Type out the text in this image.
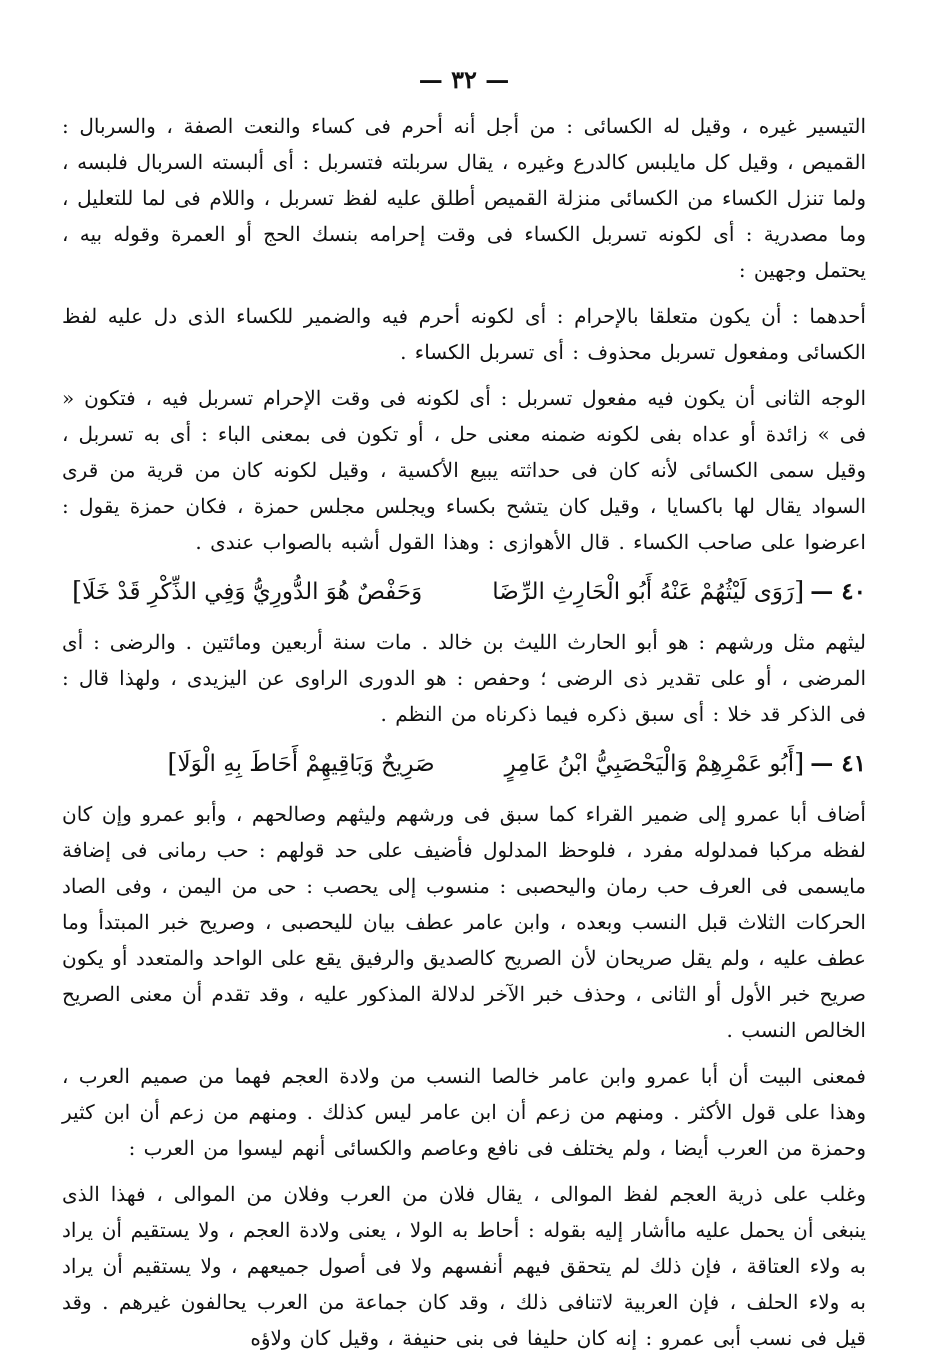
— ٣٢ —

التيسير غيره ، وقيل له الكسائى : من أجل أنه أحرم فى كساء والنعت الصفة ، والسربال : القميص ، وقيل كل مايلبس كالدرع وغيره ، يقال سربلته فتسربل : أى ألبسته السربال فلبسه ، ولما تنزل الكساء من الكسائى منزلة القميص أطلق عليه لفظ تسربل ، واللام فى لما للتعليل ، وما مصدرية : أى لكونه تسربل الكساء فى وقت إحرامه بنسك الحج أو العمرة وقوله بيه ، يحتمل وجهين :

أحدهما : أن يكون متعلقا بالإحرام : أى لكونه أحرم فيه والضمير للكساء الذى دل عليه لفظ الكسائى ومفعول تسربل محذوف : أى تسربل الكساء .

الوجه الثانى أن يكون فيه مفعول تسربل : أى لكونه فى وقت الإحرام تسربل فيه ، فتكون « فى » زائدة أو عداه بفى لكونه ضمنه معنى حل ، أو تكون فى بمعنى الباء : أى به تسربل ، وقيل سمى الكسائى لأنه كان فى حداثته يبيع الأكسية ، وقيل لكونه كان من قرية من قرى السواد يقال لها باكسايا ، وقيل كان يتشح بكساء ويجلس مجلس حمزة ، فكان حمزة يقول : اعرضوا على صاحب الكساء . قال الأهوازى : وهذا القول أشبه بالصواب عندى .

٤٠ —
[
رَوَى لَيْثُهُمْ عَنْهُ أَبُو الْحَارِثِ الرِّضَا
وَحَفْصٌ هُوَ الدُّورِيُّ وَفِي الذِّكْرِ قَدْ خَلَا
]

ليثهم مثل ورشهم : هو أبو الحارث الليث بن خالد . مات سنة أربعين ومائتين . والرضى : أى المرضى ، أو على تقدير ذى الرضى ؛ وحفص : هو الدورى الراوى عن اليزيدى ، ولهذا قال : فى الذكر قد خلا : أى سبق ذكره فيما ذكرناه من النظم .

٤١ —
[
أَبُو عَمْرِهِمْ وَالْيَحْصَبِيُّ ابْنُ عَامِرٍ
صَرِيحٌ وَبَاقِيهِمْ أَحَاطَ بِهِ الْوَلَا
]

أضاف أبا عمرو إلى ضمير القراء كما سبق فى ورشهم وليثهم وصالحهم ، وأبو عمرو وإن كان لفظه مركبا فمدلوله مفرد ، فلوحظ المدلول فأضيف على حد قولهم : حب رمانى فى إضافة مايسمى فى العرف حب رمان واليحصبى : منسوب إلى يحصب : حى من اليمن ، وفى الصاد الحركات الثلاث قبل النسب وبعده ، وابن عامر عطف بيان لليحصبى ، وصريح خبر المبتدأ وما عطف عليه ، ولم يقل صريحان لأن الصريح كالصديق والرفيق يقع على الواحد والمتعدد أو يكون صريح خبر الأول أو الثانى ، وحذف خبر الآخر لدلالة المذكور عليه ، وقد تقدم أن معنى الصريح الخالص النسب .

فمعنى البيت أن أبا عمرو وابن عامر خالصا النسب من ولادة العجم فهما من صميم العرب ، وهذا على قول الأكثر . ومنهم من زعم أن ابن عامر ليس كذلك . ومنهم من زعم أن ابن كثير وحمزة من العرب أيضا ، ولم يختلف فى نافع وعاصم والكسائى أنهم ليسوا من العرب :

وغلب على ذرية العجم لفظ الموالى ، يقال فلان من العرب وفلان من الموالى ، فهذا الذى ينبغى أن يحمل عليه ماأشار إليه بقوله : أحاط به الولا ، يعنى ولادة العجم ، ولا يستقيم أن يراد به ولاء العتاقة ، فإن ذلك لم يتحقق فيهم أنفسهم ولا فى أصول جميعهم ، ولا يستقيم أن يراد به ولاء الحلف ، فإن العربية لاتنافى ذلك ، وقد كان جماعة من العرب يحالفون غيرهم . وقد قيل فى نسب أبى عمرو : إنه كان حليفا فى بنى حنيفة ، وقيل كان ولاؤه
